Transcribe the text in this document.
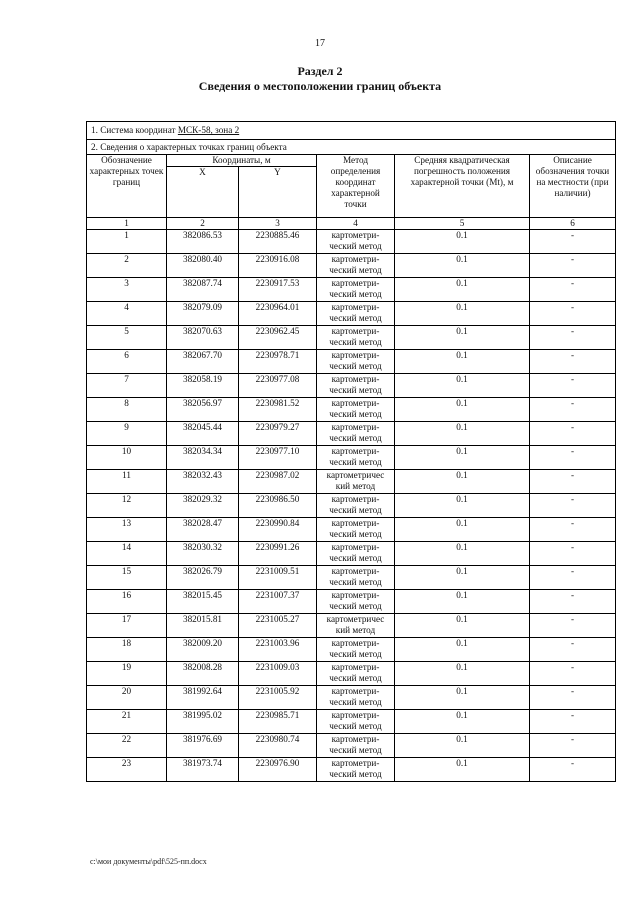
17
Раздел 2
Сведения о местоположении границ объекта
1. Система координат МСК-58, зона 2					
2. Сведения о характерных точках границ объекта					
Обозначение характерных точек границ	Координаты, м		Метод определения координат характерной точки	Средняя квадратическая погрешность положения характерной точки (Мt), м	Описание обозначения точки на местности (при наличии)
	X	Y			
1	2	3	4	5	6
1	382086.53	2230885.46	картометри-ческий метод	0.1	-
2	382080.40	2230916.08	картометри-ческий метод	0.1	-
3	382087.74	2230917.53	картометри-ческий метод	0.1	-
4	382079.09	2230964.01	картометри-ческий метод	0.1	-
5	382070.63	2230962.45	картометри-ческий метод	0.1	-
6	382067.70	2230978.71	картометри-ческий метод	0.1	-
7	382058.19	2230977.08	картометри-ческий метод	0.1	-
8	382056.97	2230981.52	картометри-ческий метод	0.1	-
9	382045.44	2230979.27	картометри-ческий метод	0.1	-
10	382034.34	2230977.10	картометри-ческий метод	0.1	-
11	382032.43	2230987.02	картометричес кий метод	0.1	-
12	382029.32	2230986.50	картометри-ческий метод	0.1	-
13	382028.47	2230990.84	картометри-ческий метод	0.1	-
14	382030.32	2230991.26	картометри-ческий метод	0.1	-
15	382026.79	2231009.51	картометри-ческий метод	0.1	-
16	382015.45	2231007.37	картометри-ческий метод	0.1	-
17	382015.81	2231005.27	картометричес кий метод	0.1	-
18	382009.20	2231003.96	картометри-ческий метод	0.1	-
19	382008.28	2231009.03	картометри-ческий метод	0.1	-
20	381992.64	2231005.92	картометри-ческий метод	0.1	-
21	381995.02	2230985.71	картометри-ческий метод	0.1	-
22	381976.69	2230980.74	картометри-ческий метод	0.1	-
23	381973.74	2230976.90	картометри-ческий метод	0.1	-
c:\мои документы\pdf\525-пп.docx
